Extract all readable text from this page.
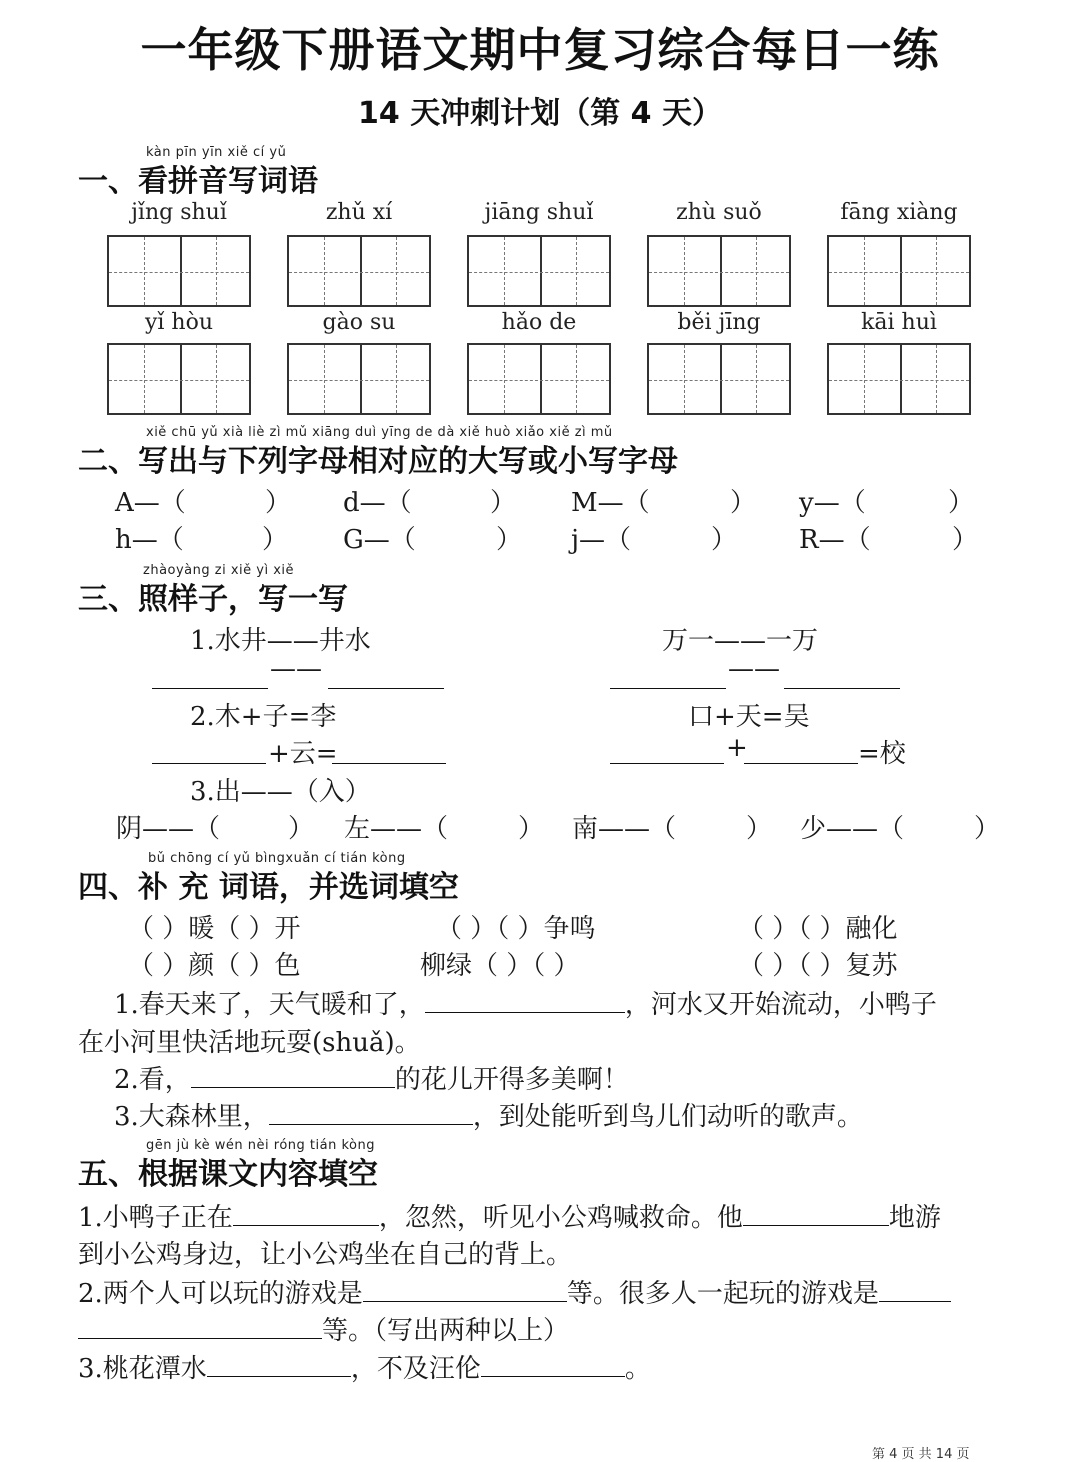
一年级下册语文期中复习综合每日一练
14 天冲刺计划（第 4 天）
kàn pīn yīn xiě cí yǔ
一、看拼音写词语
jǐng shuǐ	zhǔ xí	jiāng shuǐ	zhù suǒ	fāng xiàng
yǐ hòu	gào su	hǎo de	běi jīng	kāi huì
xiě chū yǔ xià liè zì mǔ xiāng duì yīng de dà xiě huò xiǎo xiě zì mǔ
二、写出与下列字母相对应的大写或小写字母
A—（	） d—（	） M—（	） y—（	）
h—（	） G—（	） j—（	） R—（	）
zhàoyàng zi xiě yì xiě
三、照样子，写一写
1.水井——井水	万一——一万
——	——
2.木+子=李	口+天=吴
+云=	+	=校
3.出——（入）
阴——（	） 左——（	） 南——（	） 少——（	）
bǔ chōng cí yǔ bìngxuǎn cí tián kòng
四、补 充 词语，并选词填空
（ ）暖（ ）开	（ ）（ ）争鸣	（ ）（ ）融化
（ ）颜（ ）色	柳绿（ ）（ ）	（ ）（ ）复苏
1.春天来了，天气暖和了，	，河水又开始流动，小鸭子
在小河里快活地玩耍(shuǎ)。
2.看，	的花儿开得多美啊！
3.大森林里，	，到处能听到鸟儿们动听的歌声。
gēn jù kè wén nèi róng tián kòng
五、根据课文内容填空
1.小鸭子正在	，忽然，听见小公鸡喊救命。他	地游
到小公鸡身边，让小公鸡坐在自己的背上。
2.两个人可以玩的游戏是	等。很多人一起玩的游戏是
等。（写出两种以上）
3.桃花潭水	，不及汪伦	。
第 4 页 共 14 页
